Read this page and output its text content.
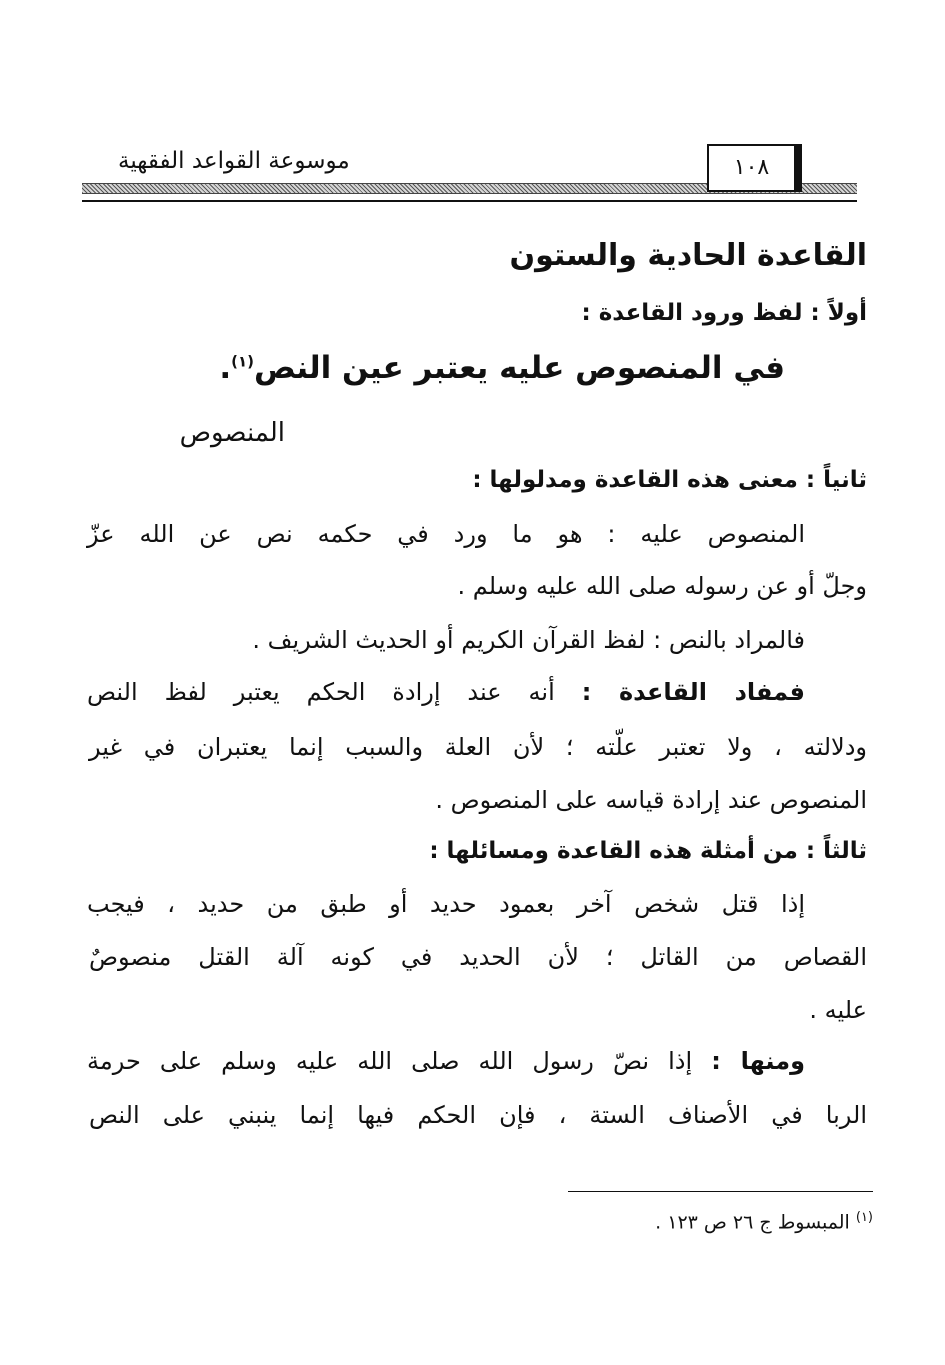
موسوعة القواعد الفقهية	١٠٨
القاعدة الحادية والستون
أولاً : لفظ ورود القاعدة :
في المنصوص عليه يعتبر عين النص$^{(١)}$.
المنصوص
ثانياً : معنى هذه القاعدة ومدلولها :
المنصوص عليه : هو ما ورد في حكمه نص عن الله عزّ
وجلّ أو عن رسوله صلى الله عليه وسلم .
فالمراد بالنص : لفظ القرآن الكريم أو الحديث الشريف .
فمفاد القاعدة : أنه عند إرادة الحكم يعتبر لفظ النص
ودلالته ، ولا تعتبر علّته ؛ لأن العلة والسبب إنما يعتبران في غير
المنصوص عند إرادة قياسه على المنصوص .
ثالثاً : من أمثلة هذه القاعدة ومسائلها :
إذا قتل شخص آخر بعمود حديد أو طبق من حديد ، فيجب
القصاص من القاتل ؛ لأن الحديد في كونه آلة القتل منصوصٌ
عليه .
ومنها : إذا نصّ رسول الله صلى الله عليه وسلم على حرمة
الربا في الأصناف الستة ، فإن الحكم فيها إنما ينبني على النص
$^{(١)}$ المبسوط ج ٢٦ ص ١٢٣ .
